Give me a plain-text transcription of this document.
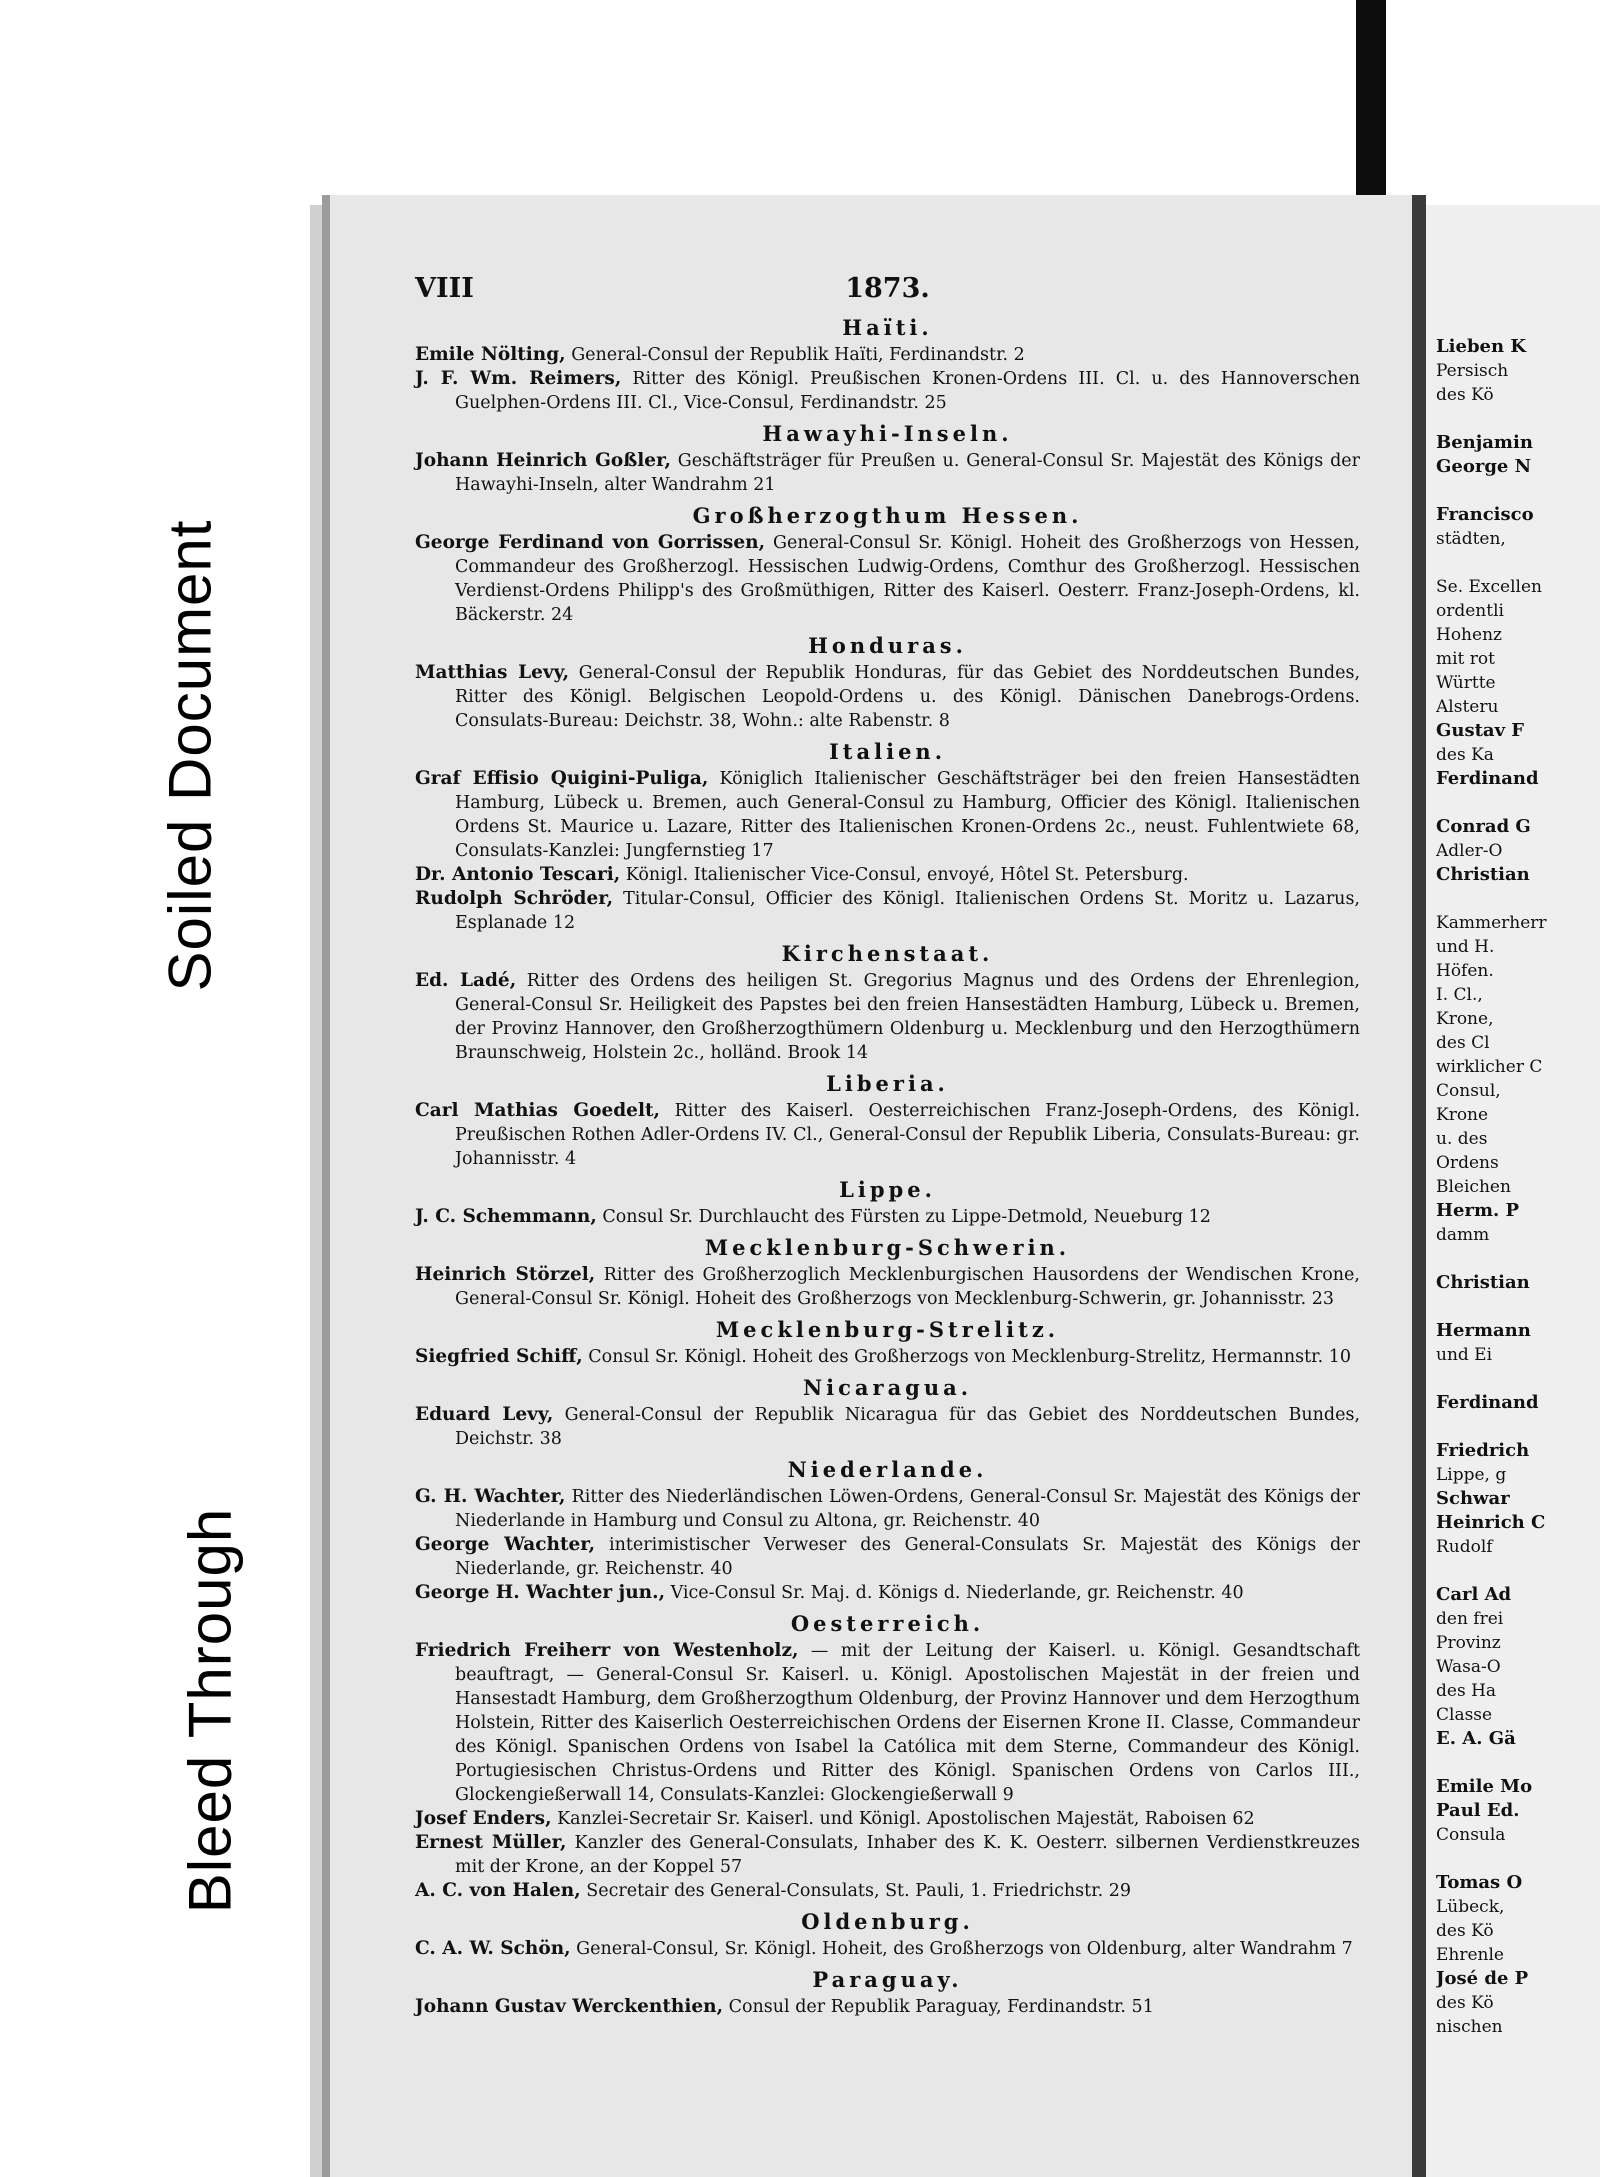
Soiled Document
Bleed Through
VIII	1873.
Haïti.

Emile Nölting, General-Consul der Republik Haïti, Ferdinandstr. 2

J. F. Wm. Reimers, Ritter des Königl. Preußischen Kronen-Ordens III. Cl. u. des Hannoverschen Guelphen-Ordens III. Cl., Vice-Consul, Ferdinandstr. 25

Hawayhi-Inseln.

Johann Heinrich Goßler, Geschäftsträger für Preußen u. General-Consul Sr. Majestät des Königs der Hawayhi-Inseln, alter Wandrahm 21

Großherzogthum Hessen.

George Ferdinand von Gorrissen, General-Consul Sr. Königl. Hoheit des Großherzogs von Hessen, Commandeur des Großherzogl. Hessischen Ludwig-Ordens, Comthur des Großherzogl. Hessischen Verdienst-Ordens Philipp's des Großmüthigen, Ritter des Kaiserl. Oesterr. Franz-Joseph-Ordens, kl. Bäckerstr. 24

Honduras.

Matthias Levy, General-Consul der Republik Honduras, für das Gebiet des Norddeutschen Bundes, Ritter des Königl. Belgischen Leopold-Ordens u. des Königl. Dänischen Danebrogs-Ordens. Consulats-Bureau: Deichstr. 38, Wohn.: alte Rabenstr. 8

Italien.

Graf Effisio Quigini-Puliga, Königlich Italienischer Geschäftsträger bei den freien Hansestädten Hamburg, Lübeck u. Bremen, auch General-Consul zu Hamburg, Officier des Königl. Italienischen Ordens St. Maurice u. Lazare, Ritter des Italienischen Kronen-Ordens 2c., neust. Fuhlentwiete 68, Consulats-Kanzlei: Jungfernstieg 17

Dr. Antonio Tescari, Königl. Italienischer Vice-Consul, envoyé, Hôtel St. Petersburg.

Rudolph Schröder, Titular-Consul, Officier des Königl. Italienischen Ordens St. Moritz u. Lazarus, Esplanade 12

Kirchenstaat.

Ed. Ladé, Ritter des Ordens des heiligen St. Gregorius Magnus und des Ordens der Ehrenlegion, General-Consul Sr. Heiligkeit des Papstes bei den freien Hansestädten Hamburg, Lübeck u. Bremen, der Provinz Hannover, den Großherzogthümern Oldenburg u. Mecklenburg und den Herzogthümern Braunschweig, Holstein 2c., holländ. Brook 14

Liberia.

Carl Mathias Goedelt, Ritter des Kaiserl. Oesterreichischen Franz-Joseph-Ordens, des Königl. Preußischen Rothen Adler-Ordens IV. Cl., General-Consul der Republik Liberia, Consulats-Bureau: gr. Johannisstr. 4

Lippe.

J. C. Schemmann, Consul Sr. Durchlaucht des Fürsten zu Lippe-Detmold, Neueburg 12

Mecklenburg-Schwerin.

Heinrich Störzel, Ritter des Großherzoglich Mecklenburgischen Hausordens der Wendischen Krone, General-Consul Sr. Königl. Hoheit des Großherzogs von Mecklenburg-Schwerin, gr. Johannisstr. 23

Mecklenburg-Strelitz.

Siegfried Schiff, Consul Sr. Königl. Hoheit des Großherzogs von Mecklenburg-Strelitz, Hermannstr. 10

Nicaragua.

Eduard Levy, General-Consul der Republik Nicaragua für das Gebiet des Norddeutschen Bundes, Deichstr. 38

Niederlande.

G. H. Wachter, Ritter des Niederländischen Löwen-Ordens, General-Consul Sr. Majestät des Königs der Niederlande in Hamburg und Consul zu Altona, gr. Reichenstr. 40

George Wachter, interimistischer Verweser des General-Consulats Sr. Majestät des Königs der Niederlande, gr. Reichenstr. 40

George H. Wachter jun., Vice-Consul Sr. Maj. d. Königs d. Niederlande, gr. Reichenstr. 40

Oesterreich.

Friedrich Freiherr von Westenholz, — mit der Leitung der Kaiserl. u. Königl. Gesandtschaft beauftragt, — General-Consul Sr. Kaiserl. u. Königl. Apostolischen Majestät in der freien und Hansestadt Hamburg, dem Großherzogthum Oldenburg, der Provinz Hannover und dem Herzogthum Holstein, Ritter des Kaiserlich Oesterreichischen Ordens der Eisernen Krone II. Classe, Commandeur des Königl. Spanischen Ordens von Isabel la Católica mit dem Sterne, Commandeur des Königl. Portugiesischen Christus-Ordens und Ritter des Königl. Spanischen Ordens von Carlos III., Glockengießerwall 14, Consulats-Kanzlei: Glockengießerwall 9

Josef Enders, Kanzlei-Secretair Sr. Kaiserl. und Königl. Apostolischen Majestät, Raboisen 62

Ernest Müller, Kanzler des General-Consulats, Inhaber des K. K. Oesterr. silbernen Verdienstkreuzes mit der Krone, an der Koppel 57

A. C. von Halen, Secretair des General-Consulats, St. Pauli, 1. Friedrichstr. 29

Oldenburg.

C. A. W. Schön, General-Consul, Sr. Königl. Hoheit, des Großherzogs von Oldenburg, alter Wandrahm 7

Paraguay.

Johann Gustav Werckenthien, Consul der Republik Paraguay, Ferdinandstr. 51

Lieben K
Persisch
des Kö

Benjamin
George N

Francisco
städten,

Se. Excellen
ordentli
Hohenz
mit rot
Württe
Alsteru
Gustav F
des Ka
Ferdinand

Conrad G
Adler-O
Christian

Kammerherr
und H.
Höfen.
I. Cl.,
Krone,
des Cl
wirklicher C
Consul,
Krone
u. des
Ordens
Bleichen
Herm. P
damm

Christian

Hermann
und Ei

Ferdinand

Friedrich
Lippe, g
Schwar
Heinrich C
Rudolf

Carl Ad
den frei
Provinz
Wasa-O
des Ha
Classe
E. A. Gä

Emile Mo
Paul Ed.
Consula

Tomas O
Lübeck,
des Kö
Ehrenle
José de P
des Kö
nischen
